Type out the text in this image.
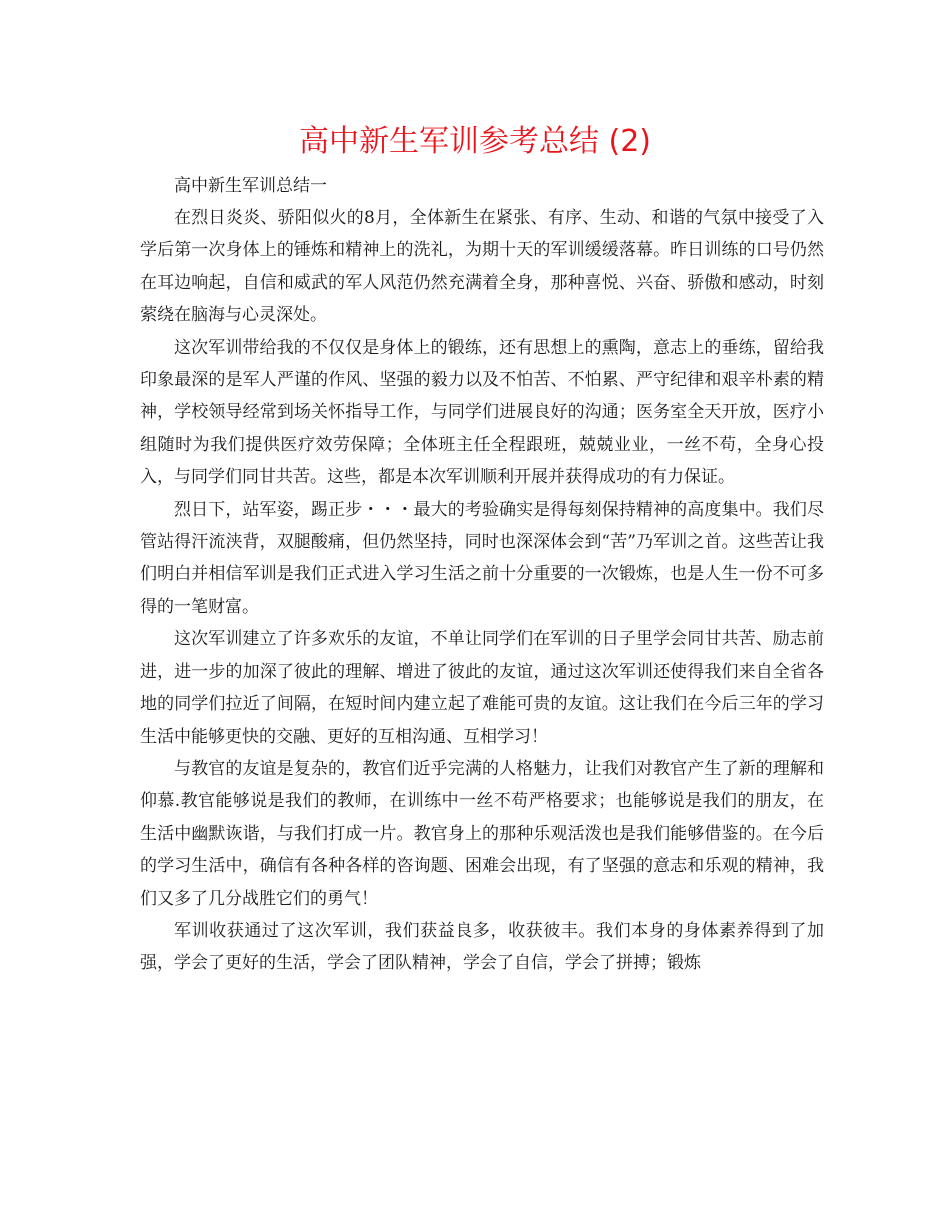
高中新生军训参考总结 (2)

高中新生军训总结一

在烈日炎炎、骄阳似火的8月，全体新生在紧张、有序、生动、和谐的气氛中接受了入学后第一次身体上的锤炼和精神上的洗礼，为期十天的军训缓缓落幕。昨日训练的口号仍然在耳边响起，自信和威武的军人风范仍然充满着全身，那种喜悦、兴奋、骄傲和感动，时刻萦绕在脑海与心灵深处。

这次军训带给我的不仅仅是身体上的锻练，还有思想上的熏陶，意志上的垂练，留给我印象最深的是军人严谨的作风、坚强的毅力以及不怕苦、不怕累、严守纪律和艰辛朴素的精神，学校领导经常到场关怀指导工作，与同学们进展良好的沟通；医务室全天开放，医疗小组随时为我们提供医疗效劳保障；全体班主任全程跟班，兢兢业业，一丝不苟，全身心投入，与同学们同甘共苦。这些，都是本次军训顺利开展并获得成功的有力保证。

烈日下，站军姿，踢正步・・・最大的考验确实是得每刻保持精神的高度集中。我们尽管站得汗流浃背，双腿酸痛，但仍然坚持，同时也深深体会到“苦”乃军训之首。这些苦让我们明白并相信军训是我们正式进入学习生活之前十分重要的一次锻炼，也是人生一份不可多得的一笔财富。

这次军训建立了许多欢乐的友谊，不单让同学们在军训的日子里学会同甘共苦、励志前进，进一步的加深了彼此的理解、增进了彼此的友谊，通过这次军训还使得我们来自全省各地的同学们拉近了间隔，在短时间内建立起了难能可贵的友谊。这让我们在今后三年的学习生活中能够更快的交融、更好的互相沟通、互相学习！

与教官的友谊是复杂的，教官们近乎完满的人格魅力，让我们对教官产生了新的理解和仰慕.教官能够说是我们的教师，在训练中一丝不苟严格要求；也能够说是我们的朋友，在生活中幽默诙谐，与我们打成一片。教官身上的那种乐观活泼也是我们能够借鉴的。在今后的学习生活中，确信有各种各样的咨询题、困难会出现，有了坚强的意志和乐观的精神，我们又多了几分战胜它们的勇气！

军训收获通过了这次军训，我们获益良多，收获彼丰。我们本身的身体素养得到了加强，学会了更好的生活，学会了团队精神，学会了自信，学会了拼搏；锻炼
